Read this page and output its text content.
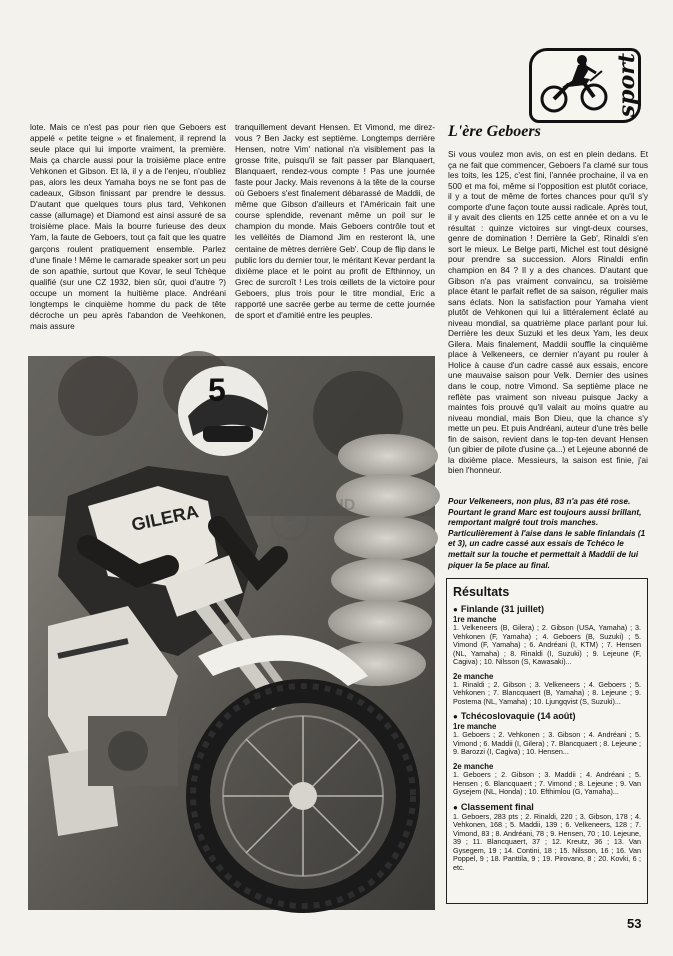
sport
lote. Mais ce n'est pas pour rien que Geboers est appelé « petite teigne » et finalement, il reprend la seule place qui lui importe vraiment, la première. Mais ça charcle aussi pour la troisième place entre Vehkonen et Gibson. Et là, il y a de l'enjeu, n'oubliez pas, alors les deux Yamaha boys ne se font pas de cadeaux, Gibson finissant par prendre le dessus. D'autant que quelques tours plus tard, Vehkonen casse (allumage) et Diamond est ainsi assuré de sa troisième place. Mais la bourre furieuse des deux Yam, la faute de Geboers, tout ça fait que les quatre garçons roulent pratiquement ensemble. Parlez d'une finale ! Même le camarade speaker sort un peu de son apathie, surtout que Kovar, le seul Tchèque qualifié (sur une CZ 1932, bien sûr, quoi d'autre ?) occupe un moment la huitième place. Andréani longtemps le cinquième homme du pack de tête décroche un peu après l'abandon de Veehkonen, mais assure
tranquillement devant Hensen. Et Vimond, me direz-vous ? Ben Jacky est septième. Longtemps derrière Hensen, notre Vim' national n'a visiblement pas la grosse frite, puisqu'il se fait passer par Blanquaert, Blanquaert, rendez-vous compte ! Pas une journée faste pour Jacky. Mais revenons à la tête de la course où Geboers s'est finalement débarassé de Maddii, de même que Gibson d'ailleurs et l'Américain fait une course splendide, revenant même un poil sur le champion du monde. Mais Geboers contrôle tout et les velléités de Diamond Jim en resteront là, une centaine de mètres derrière Geb'. Coup de flip dans le public lors du dernier tour, le méritant Kevar perdant la dixième place et le point au profit de Efthinnoy, un Grec de surcroît ! Les trois œillets de la victoire pour Geboers, plus trois pour le titre mondial, Eric a rapporté une sacrée gerbe au terme de cette journée de sport et d'amitié entre les peuples.
L'ère Geboers
Si vous voulez mon avis, on est en plein dedans. Et ça ne fait que commencer, Geboers l'a clamé sur tous les toits, les 125, c'est fini, l'année prochaine, il va en 500 et ma foi, même si l'opposition est plutôt coriace, il y a tout de même de fortes chances pour qu'il s'y comporte d'une façon toute aussi radicale. Après tout, il y avait des clients en 125 cette année et on a vu le résultat : quinze victoires sur vingt-deux courses, genre de domination ! Derrière la Geb', Rinaldi s'en sort le mieux. Le Belge parti, Michel est tout désigné pour prendre sa succession. Alors Rinaldi enfin champion en 84 ? Il y a des chances. D'autant que Gibson n'a pas vraiment convaincu, sa troisième place étant le parfait reflet de sa saison, régulier mais sans éclats. Non la satisfaction pour Yamaha vient plutôt de Vehkonen qui lui a littéralement éclaté au niveau mondial, sa quatrième place parlant pour lui. Derrière les deux Suzuki et les deux Yam, les deux Gilera. Mais finalement, Maddii souffle la cinquième place à Velkeneers, ce dernier n'ayant pu rouler à Holice à cause d'un cadre cassé aux essais, encore une mauvaise saison pour Velk. Dernier des usines dans le coup, notre Vimond. Sa septième place ne reflète pas vraiment son niveau puisque Jacky a maintes fois prouvé qu'il valait au moins quatre au niveau mondial, mais Bon Dieu, que la chance s'y mette un peu. Et puis Andréani, auteur d'une très belle fin de saison, revient dans le top-ten devant Hensen (un gibier de pilote d'usine ça...) et Lejeune abonné de la dixième place. Messieurs, la saison est finie, j'ai bien l'honneur.
Pour Velkeneers, non plus, 83 n'a pas été rose. Pourtant le grand Marc est toujours aussi brillant, remportant malgré tout trois manches. Particulièrement à l'aise dans le sable finlandais (1 et 3), un cadre cassé aux essais de Tchéco le mettait sur la touche et permettait à Maddii de lui piquer la 5e place au final.
Résultats
● Finlande (31 juillet)
1re manche
1. Velkeneers (B, Gilera) ; 2. Gibson (USA, Yamaha) ; 3. Vehkonen (F, Yamaha) ; 4. Geboers (B, Suzuki) ; 5. Vimond (F, Yamaha) ; 6. Andréani (I, KTM) ; 7. Hensen (NL, Yamaha) ; 8. Rinaldi (I, Suzuki) ; 9. Lejeune (F, Cagiva) ; 10. Nilsson (S, Kawasaki)...
2e manche
1. Rinaldi ; 2. Gibson ; 3. Velkeneers ; 4. Geboers ; 5. Vehkonen ; 7. Blancquaert (B, Yamaha) ; 8. Lejeune ; 9. Postema (NL, Yamaha) ; 10. Ljungqvist (S, Suzuki)...
● Tchécoslovaquie (14 août)
1re manche
1. Geboers ; 2. Vehkonen ; 3. Gibson ; 4. Andréani ; 5. Vimond ; 6. Maddii (I, Gilera) ; 7. Blancquaert ; 8. Lejeune ; 9. Barozzi (I, Cagiva) ; 10. Hensen...
2e manche
1. Geboers ; 2. Gibson ; 3. Maddii ; 4. Andréani ; 5. Hensen ; 6. Blancquaert ; 7. Vimond ; 8. Lejeune ; 9. Van Gysejem (NL, Honda) ; 10. Efthimlou (G, Yamaha)...
● Classement final
1. Geboers, 283 pts ; 2. Rinaldi, 220 ; 3. Gibson, 178 ; 4. Vehkonen, 168 ; 5. Maddii, 139 ; 6. Velkeneers, 128 ; 7. Vimond, 83 ; 8. Andréani, 78 ; 9. Hensen, 70 ; 10. Lejeune, 39 ; 11. Blancquaert, 37 ; 12. Kreutz, 36 ; 13. Van Gysegem, 19 ; 14. Contini, 18 ; 15. Nilsson, 16 ; 16. Van Poppel, 9 ; 18. Panttila, 9 ; 19. Pirovano, 8 ; 20. Kovki, 6 ; etc.
5
GILERA	LGHD
53
